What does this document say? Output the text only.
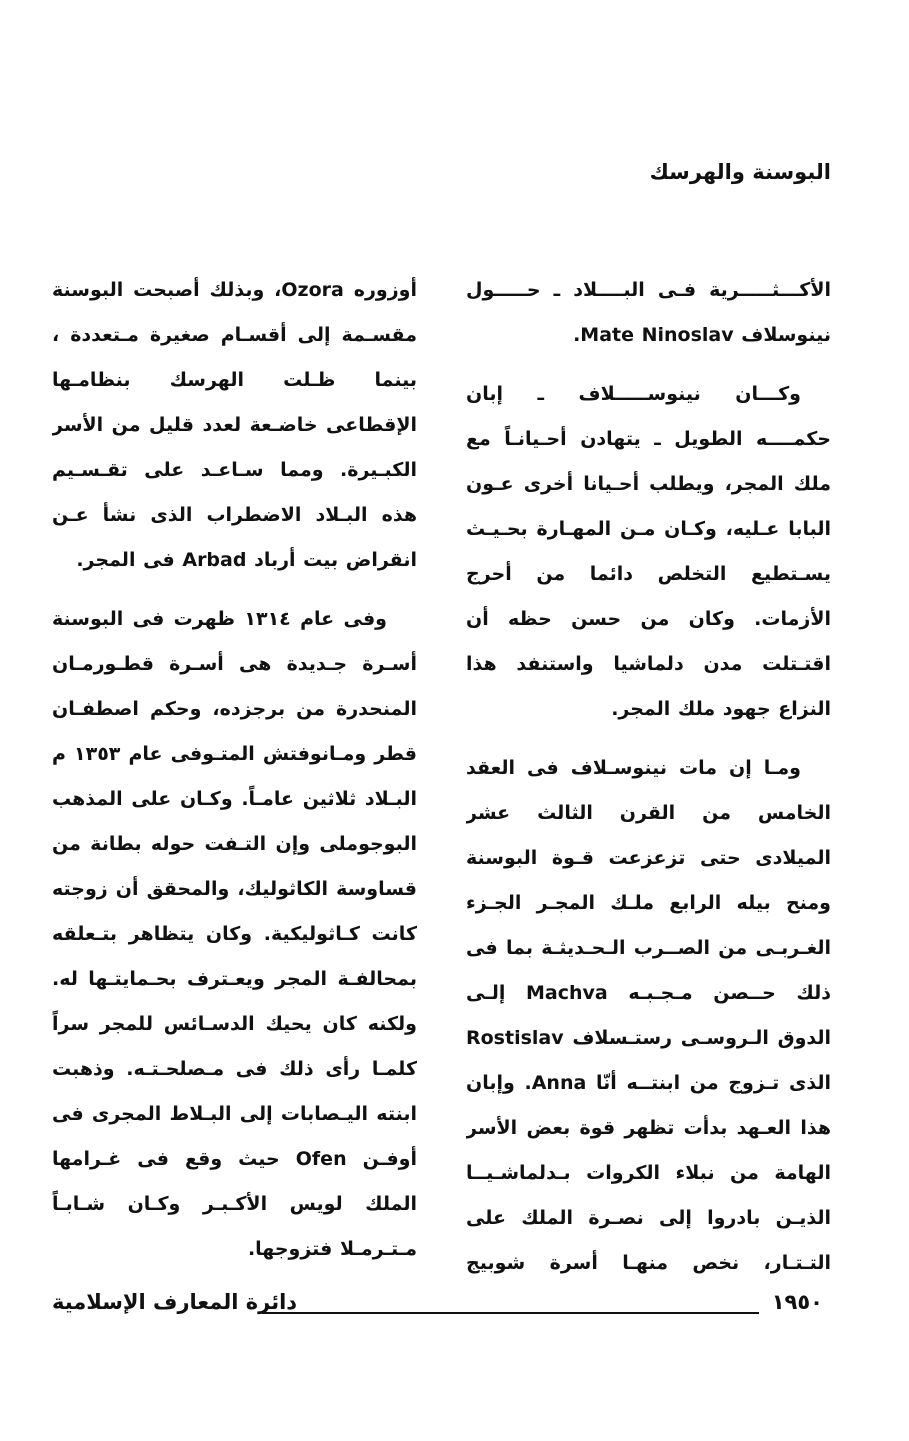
البوسنة والهرسك

الأكـــثـــــرية فـى البــــلاد ـ حـــــول نينوسلاف Mate Ninoslav.

وكـــان نينوســـــلاف ـ إبان حكمــــه الطويل ـ يتهادن أحـيانـاً مع ملك المجر، ويطلب أحـيانا أخرى عـون البابا عـليه، وكـان مـن المهـارة بحـيـث يسـتطيع التخلص دائما من أحرج الأزمات. وكان من حسن حظه أن اقتـتلت مدن دلماشيا واستنفد هذا النزاع جهود ملك المجر.

ومـا إن مات نينوسـلاف فى العقد الخامس من القرن الثالث عشر الميلادى حتى تزعزعت قـوة البوسنة ومنح بيله الرابع ملـك المجـر الجـزء الغـربـى من الصــرب الـحـديثـة بما فى ذلك حــصن مـجـبـه Machva إلـى الدوق الـروسـى رستـسلاف Rostislav الذى تـزوج من ابنتــه أنّا Anna. وإبان هذا العـهد بدأت تظهر قوة بعض الأسر الهامة من نبلاء الكروات بـدلماشـيــا الذيـن بادروا إلى نصـرة الملك على التـتـار، نخص منهـا أسرة شوبيج

أوزوره Ozora، وبذلك أصبحت البوسنة مقسـمة إلى أقسـام صغيرة مـتعددة ، بينما ظـلت الهرسك بنظامـها الإقطاعى خاضـعة لعدد قليل من الأسر الكبـيرة. ومما سـاعـد على تقـسـيم هذه البـلاد الاضطراب الذى نشأ عـن انقراض بيت أرباد Arbad فى المجر.

وفى عام ١٣١٤ ظهرت فى البوسنة أسـرة جـديدة هى أسـرة قطـورمـان المنحدرة من برجزده، وحكم اصطفـان قطر ومـانوفتش المتـوفى عام ١٣٥٣ م البـلاد ثلاثين عامـاً. وكـان على المذهب البوجوملى وإن التـفت حوله بطانة من قساوسة الكاثوليك، والمحقق أن زوجته كانت كـاثوليكية. وكان يتظاهر بتـعلقه بمحالفـة المجر ويعـترف بحـمايتـها له. ولكنه كان يحيك الدسـائس للمجر سراً كلمـا رأى ذلك فى مـصلحـتـه. وذهبت ابنته اليـصابات إلى البـلاط المجرى فى أوفـن Ofen حيث وقع فى غـرامها الملك لويس الأكـبـر وكـان شـابـاً مـتـرمـلا فتزوجها.

١٩٥٠
دائرة المعارف الإسلامية
